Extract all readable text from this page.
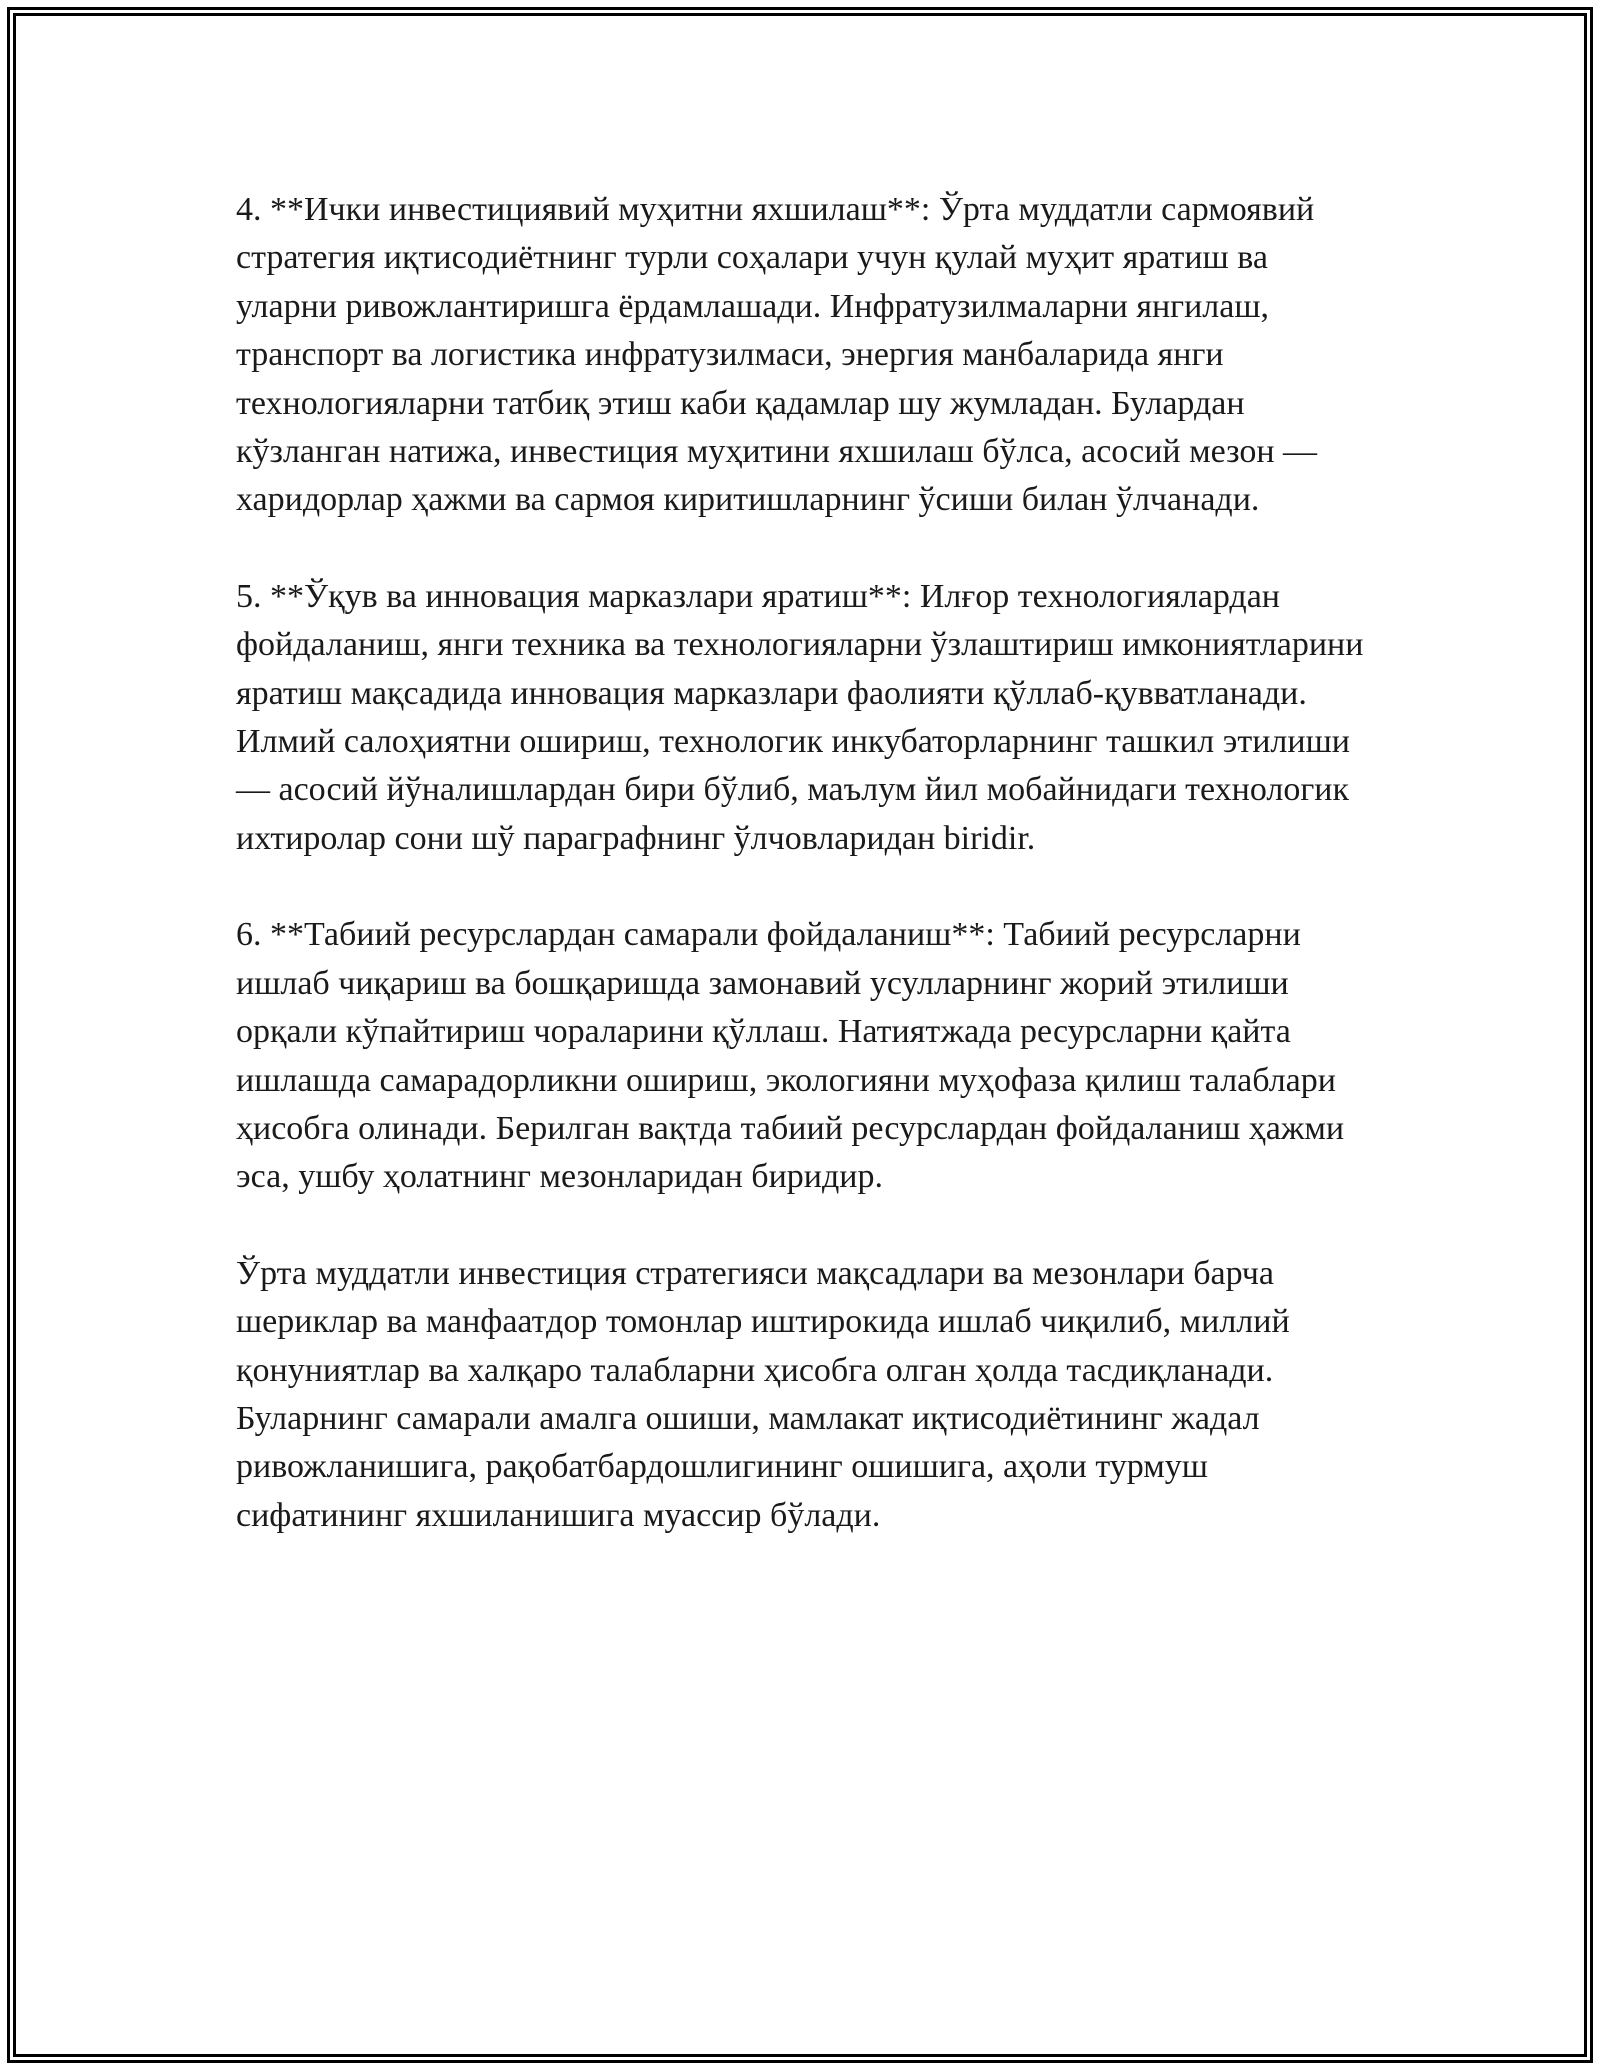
4. **Ички инвестициявий муҳитни яхшилаш**: Ўрта муддатли сармоявий стратегия иқтисодиётнинг турли соҳалари учун қулай муҳит яратиш ва уларни ривожлантиришга ёрдамлашади. Инфратузилмаларни янгилаш, транспорт ва логистика инфратузилмаси, энергия манбаларида янги технологияларни татбиқ этиш каби қадамлар шу жумладан. Булардан кўзланган натижа, инвестиция муҳитини яхшилаш бўлса, асосий мезон — харидорлар ҳажми ва сармоя киритишларнинг ўсиши билан ўлчанади.

5. **Ўқув ва инновация марказлари яратиш**: Илғор технологиялардан фойдаланиш, янги техника ва технологияларни ўзлаштириш имкониятларини яратиш мақсадида инновация марказлари фаолияти қўллаб-қувватланади. Илмий салоҳиятни ошириш, технологик инкубаторларнинг ташкил этилиши — асосий йўналишлардан бири бўлиб, маълум йил мобайнидаги технологик ихтиролар сони шў параграфнинг ўлчовларидан biridir.

6. **Табиий ресурслардан самарали фойдаланиш**: Табиий ресурсларни ишлаб чиқариш ва бошқаришда замонавий усулларнинг жорий этилиши орқали кўпайтириш чораларини қўллаш. Натиятжада ресурсларни қайта ишлашда самарадорликни ошириш, экологияни муҳофаза қилиш талаблари ҳисобга олинади. Берилган вақтда табиий ресурслардан фойдаланиш ҳажми эса, ушбу ҳолатнинг мезонларидан биридир.

Ўрта муддатли инвестиция стратегияси мақсадлари ва мезонлари барча шериклар ва манфаатдор томонлар иштирокида ишлаб чиқилиб, миллий қонуниятлар ва халқаро талабларни ҳисобга олган ҳолда тасдиқланади. Буларнинг самарали амалга ошиши, мамлакат иқтисодиётининг жадал ривожланишига, рақобатбардошлигининг ошишига, аҳоли турмуш сифатининг яхшиланишига муассир бўлади.
